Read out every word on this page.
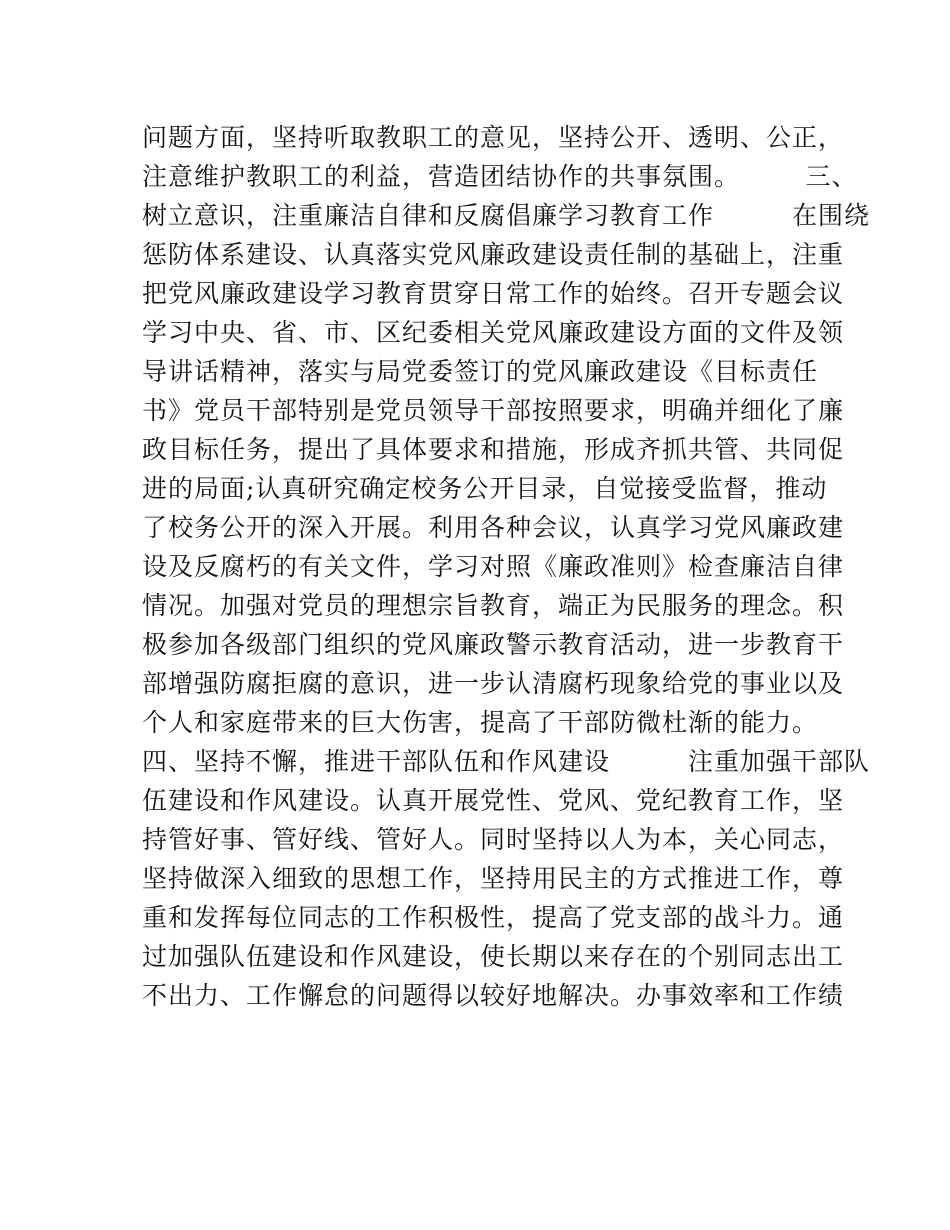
问题方面，坚持听取教职工的意见，坚持公开、透明、公正，
注意维护教职工的利益，营造团结协作的共事氛围。　　　三、
树立意识，注重廉洁自律和反腐倡廉学习教育工作　　　在围绕
惩防体系建设、认真落实党风廉政建设责任制的基础上，注重
把党风廉政建设学习教育贯穿日常工作的始终。召开专题会议
学习中央、省、市、区纪委相关党风廉政建设方面的文件及领
导讲话精神，落实与局党委签订的党风廉政建设《目标责任
书》党员干部特别是党员领导干部按照要求，明确并细化了廉
政目标任务，提出了具体要求和措施，形成齐抓共管、共同促
进的局面;认真研究确定校务公开目录，自觉接受监督，推动
了校务公开的深入开展。利用各种会议，认真学习党风廉政建
设及反腐朽的有关文件，学习对照《廉政准则》检查廉洁自律
情况。加强对党员的理想宗旨教育，端正为民服务的理念。积
极参加各级部门组织的党风廉政警示教育活动，进一步教育干
部增强防腐拒腐的意识，进一步认清腐朽现象给党的事业以及
个人和家庭带来的巨大伤害，提高了干部防微杜渐的能力。
四、坚持不懈，推进干部队伍和作风建设　　　注重加强干部队
伍建设和作风建设。认真开展党性、党风、党纪教育工作，坚
持管好事、管好线、管好人。同时坚持以人为本，关心同志，
坚持做深入细致的思想工作，坚持用民主的方式推进工作，尊
重和发挥每位同志的工作积极性，提高了党支部的战斗力。通
过加强队伍建设和作风建设，使长期以来存在的个别同志出工
不出力、工作懈怠的问题得以较好地解决。办事效率和工作绩
